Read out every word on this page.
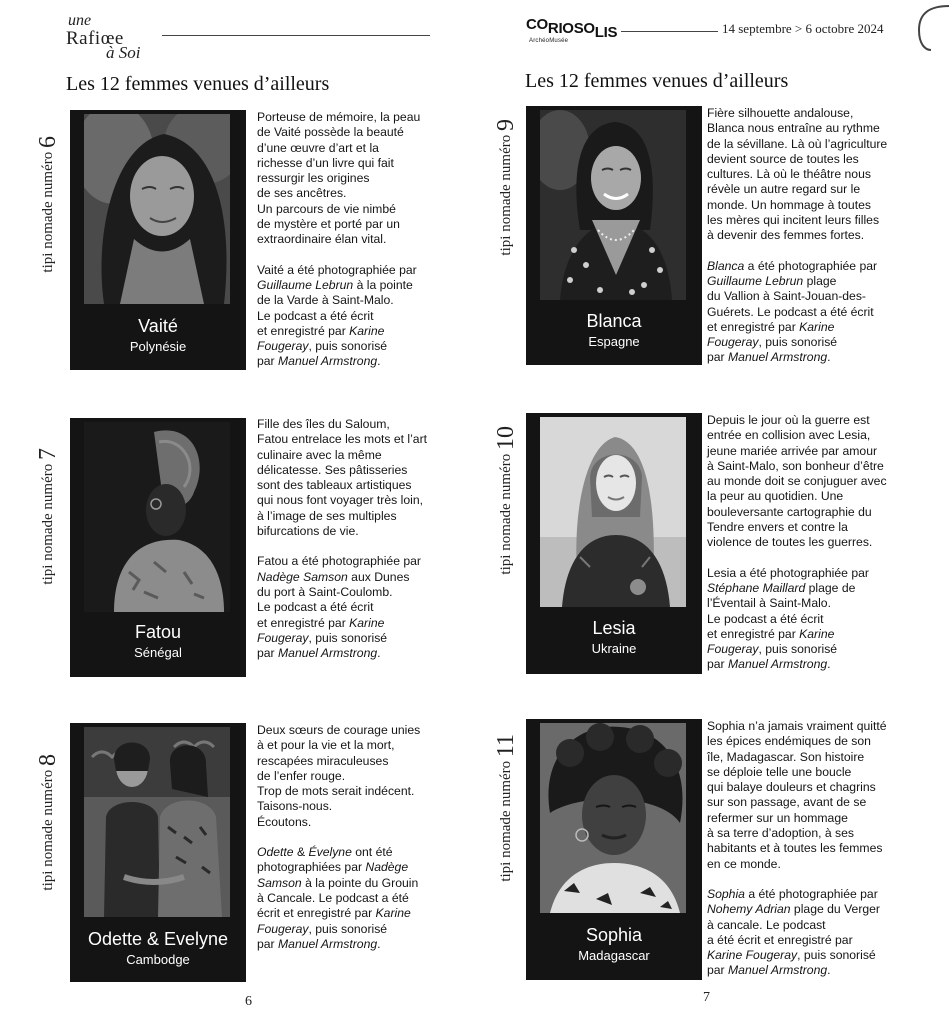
une
Rafiœe
à Soi
Les 12 femmes venues d’ailleurs
tipi nomade numéro 6
Vaité
Polynésie

Porteuse de mémoire, la peau
de Vaité possède la beauté
d’une œuvre d’art et la
richesse d’un livre qui fait
ressurgir les origines
de ses ancêtres.
Un parcours de vie nimbé
de mystère et porté par un
extraordinaire élan vital.

Vaité a été photographiée par
Guillaume Lebrun à la pointe
de la Varde à Saint-Malo.
Le podcast a été écrit
et enregistré par Karine
Fougeray, puis sonorisé
par Manuel Armstrong.

tipi nomade numéro 7
Fatou
Sénégal

Fille des îles du Saloum,
Fatou entrelace les mots et l’art
culinaire avec la même
délicatesse. Ses pâtisseries
sont des tableaux artistiques
qui nous font voyager très loin,
à l’image de ses multiples
bifurcations de vie.

Fatou a été photographiée par
Nadège Samson aux Dunes
du port à Saint-Coulomb.
Le podcast a été écrit
et enregistré par Karine
Fougeray, puis sonorisé
par Manuel Armstrong.

tipi nomade numéro 8
Odette & Evelyne
Cambodge

Deux sœurs de courage unies
à et pour la vie et la mort,
rescapées miraculeuses
de l’enfer rouge.
Trop de mots serait indécent.
Taisons-nous.
Écoutons.

Odette & Évelyne ont été
photographiées par Nadège
Samson à la pointe du Grouin
à Cancale. Le podcast a été
écrit et enregistré par Karine
Fougeray, puis sonorisé
par Manuel Armstrong.

6
CORIOSOLIS
ArchéoMusée
14 septembre > 6 octobre 2024
Les 12 femmes venues d’ailleurs
tipi nomade numéro 9
Blanca
Espagne

Fière silhouette andalouse,
Blanca nous entraîne au rythme
de la sévillane. Là où l’agriculture
devient source de toutes les
cultures. Là où le théâtre nous
révèle un autre regard sur le
monde. Un hommage à toutes
les mères qui incitent leurs filles
à devenir des femmes fortes.

Blanca a été photographiée par
Guillaume Lebrun plage
du Vallion à Saint-Jouan-des-
Guérets. Le podcast a été écrit
et enregistré par Karine
Fougeray, puis sonorisé
par Manuel Armstrong.

tipi nomade numéro 10
Lesia
Ukraine

Depuis le jour où la guerre est
entrée en collision avec Lesia,
jeune mariée arrivée par amour
à Saint-Malo, son bonheur d’être
au monde doit se conjuguer avec
la peur au quotidien. Une
bouleversante cartographie du
Tendre envers et contre la
violence de toutes les guerres.

Lesia a été photographiée par
Stéphane Maillard plage de
l’Éventail à Saint-Malo.
Le podcast a été écrit
et enregistré par Karine
Fougeray, puis sonorisé
par Manuel Armstrong.

tipi nomade numéro 11
Sophia
Madagascar

Sophia n’a jamais vraiment quitté
les épices endémiques de son
île, Madagascar. Son histoire
se déploie telle une boucle
qui balaye douleurs et chagrins
sur son passage, avant de se
refermer sur un hommage
à sa terre d’adoption, à ses
habitants et à toutes les femmes
en ce monde.

Sophia a été photographiée par
Nohemy Adrian plage du Verger
à cancale. Le podcast
a été écrit et enregistré par
Karine Fougeray, puis sonorisé
par Manuel Armstrong.

7
